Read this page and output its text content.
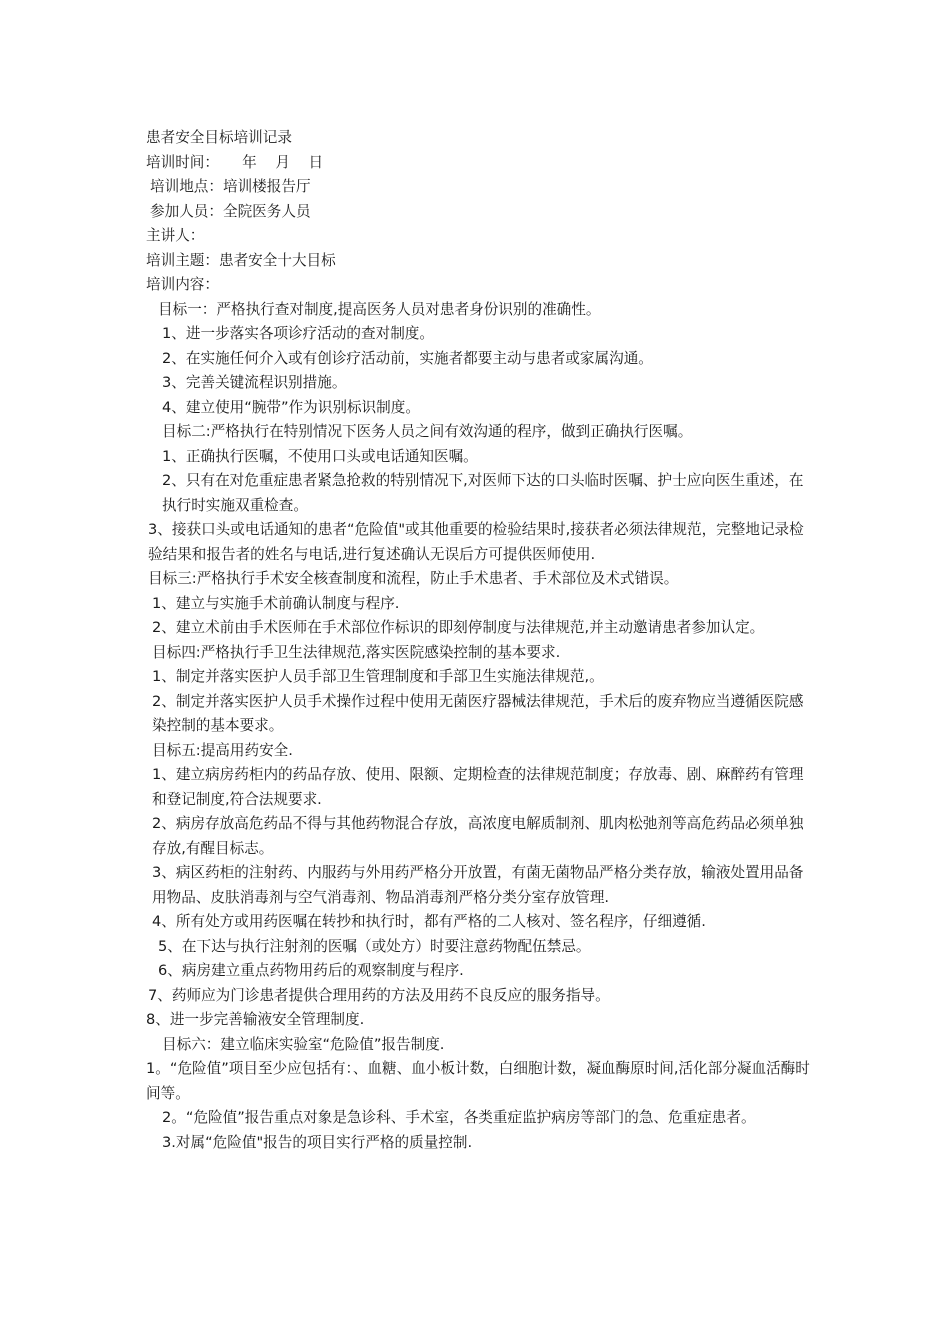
患者安全目标培训记录

培训时间：     年    月    日

培训地点：培训楼报告厅

参加人员：全院医务人员

主讲人：

培训主题：患者安全十大目标

培训内容：

目标一：严格执行查对制度,提高医务人员对患者身份识别的准确性。

1、进一步落实各项诊疗活动的查对制度。

2、在实施任何介入或有创诊疗活动前，实施者都要主动与患者或家属沟通。

3、完善关键流程识别措施。

4、建立使用“腕带”作为识别标识制度。

目标二:严格执行在特别情况下医务人员之间有效沟通的程序，做到正确执行医嘱。

1、正确执行医嘱，不使用口头或电话通知医嘱。

2、只有在对危重症患者紧急抢救的特别情况下,对医师下达的口头临时医嘱、护士应向医生重述，在执行时实施双重检查。

3、接获口头或电话通知的患者“危险值"或其他重要的检验结果时,接获者必须法律规范，完整地记录检验结果和报告者的姓名与电话,进行复述确认无误后方可提供医师使用.

目标三:严格执行手术安全核查制度和流程，防止手术患者、手术部位及术式错误。

1、建立与实施手术前确认制度与程序.

2、建立术前由手术医师在手术部位作标识的即刻停制度与法律规范,并主动邀请患者参加认定。

目标四:严格执行手卫生法律规范,落实医院感染控制的基本要求.

1、制定并落实医护人员手部卫生管理制度和手部卫生实施法律规范,。

2、制定并落实医护人员手术操作过程中使用无菌医疗器械法律规范，手术后的废弃物应当遵循医院感染控制的基本要求。

目标五:提高用药安全.

1、建立病房药柜内的药品存放、使用、限额、定期检查的法律规范制度；存放毒、剧、麻醉药有管理和登记制度,符合法规要求.

2、病房存放高危药品不得与其他药物混合存放，高浓度电解质制剂、肌肉松弛剂等高危药品必须单独存放,有醒目标志。

3、病区药柜的注射药、内服药与外用药严格分开放置，有菌无菌物品严格分类存放，输液处置用品备用物品、皮肤消毒剂与空气消毒剂、物品消毒剂严格分类分室存放管理.

4、所有处方或用药医嘱在转抄和执行时，都有严格的二人核对、签名程序，仔细遵循.

5、在下达与执行注射剂的医嘱（或处方）时要注意药物配伍禁忌。

6、病房建立重点药物用药后的观察制度与程序.

7、药师应为门诊患者提供合理用药的方法及用药不良反应的服务指导。

8、进一步完善输液安全管理制度.

目标六：建立临床实验室“危险值”报告制度.

1。“危险值”项目至少应包括有：、血糖、血小板计数，白细胞计数，凝血酶原时间,活化部分凝血活酶时间等。

2。“危险值”报告重点对象是急诊科、手术室，各类重症监护病房等部门的急、危重症患者。

3.对属“危险值"报告的项目实行严格的质量控制.
